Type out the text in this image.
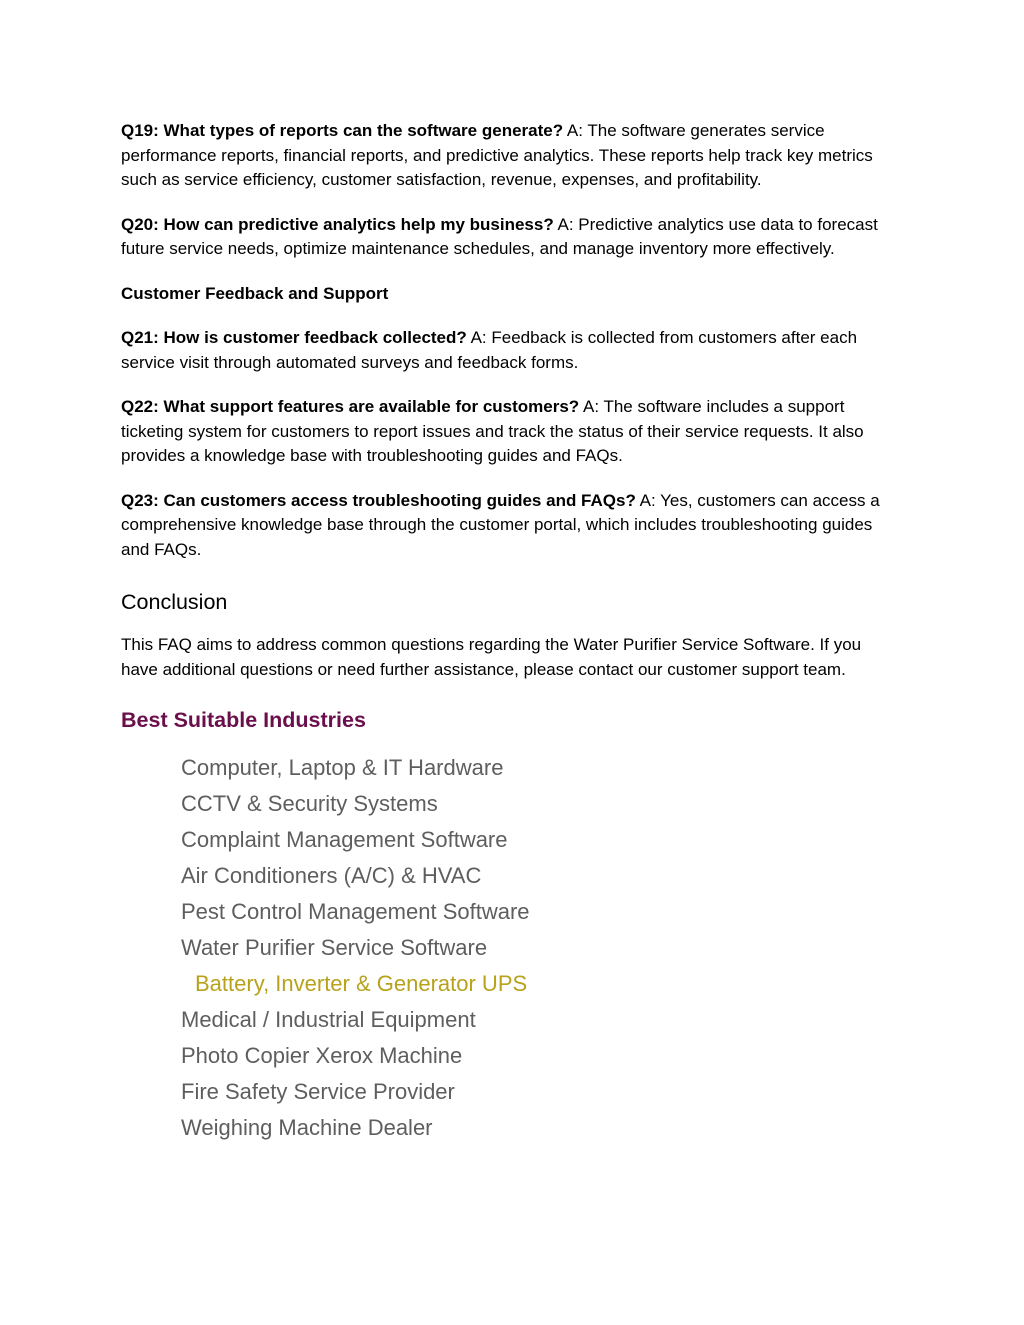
Q19: What types of reports can the software generate? A: The software generates service performance reports, financial reports, and predictive analytics. These reports help track key metrics such as service efficiency, customer satisfaction, revenue, expenses, and profitability.

Q20: How can predictive analytics help my business? A: Predictive analytics use data to forecast future service needs, optimize maintenance schedules, and manage inventory more effectively.

Customer Feedback and Support

Q21: How is customer feedback collected? A: Feedback is collected from customers after each service visit through automated surveys and feedback forms.

Q22: What support features are available for customers? A: The software includes a support ticketing system for customers to report issues and track the status of their service requests. It also provides a knowledge base with troubleshooting guides and FAQs.

Q23: Can customers access troubleshooting guides and FAQs? A: Yes, customers can access a comprehensive knowledge base through the customer portal, which includes troubleshooting guides and FAQs.

Conclusion

This FAQ aims to address common questions regarding the Water Purifier Service Software. If you have additional questions or need further assistance, please contact our customer support team.

Best Suitable Industries
Computer, Laptop & IT Hardware
CCTV & Security Systems
Complaint Management Software
Air Conditioners (A/C) & HVAC
Pest Control Management Software
Water Purifier Service Software
Battery, Inverter & Generator UPS
Medical / Industrial Equipment
Photo Copier Xerox Machine
Fire Safety Service Provider
Weighing Machine Dealer
